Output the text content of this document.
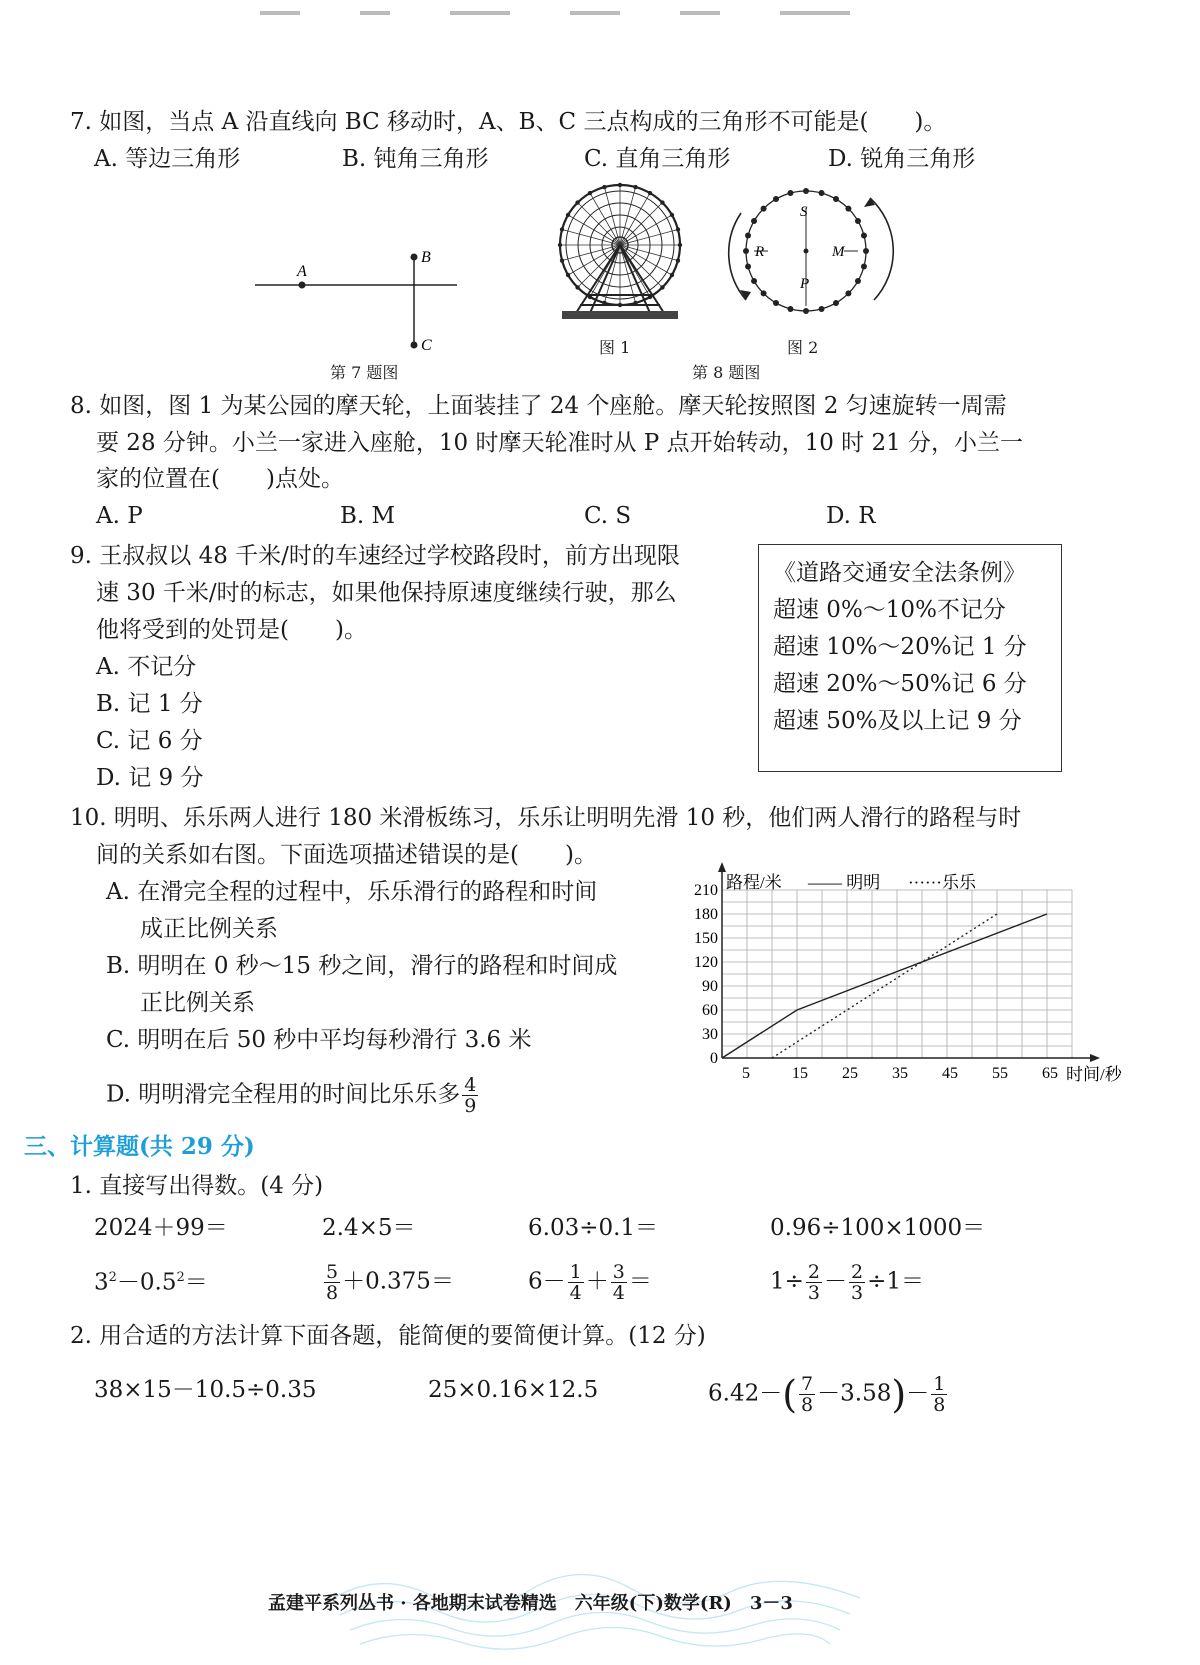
7. 如图，当点 A 沿直线向 BC 移动时，A、B、C 三点构成的三角形不可能是(　　)。
A. 等边三角形	B. 钝角三角形	C. 直角三角形	D. 锐角三角形
A
B
C
第 7 题图
图 1
S
R	M
P
图 2
第 8 题图
8. 如图，图 1 为某公园的摩天轮，上面装挂了 24 个座舱。摩天轮按照图 2 匀速旋转一周需
要 28 分钟。小兰一家进入座舱，10 时摩天轮准时从 P 点开始转动，10 时 21 分，小兰一
家的位置在(　　)点处。
A. P	B. M	C. S	D. R
9. 王叔叔以 48 千米/时的车速经过学校路段时，前方出现限
速 30 千米/时的标志，如果他保持原速度继续行驶，那么
他将受到的处罚是(　　)。
A. 不记分
B. 记 1 分
C. 记 6 分
D. 记 9 分
《道路交通安全法条例》
超速 0%～10%不记分
超速 10%～20%记 1 分
超速 20%～50%记 6 分
超速 50%及以上记 9 分
10. 明明、乐乐两人进行 180 米滑板练习，乐乐让明明先滑 10 秒，他们两人滑行的路程与时
间的关系如右图。下面选项描述错误的是(　　)。
A. 在滑完全程的过程中，乐乐滑行的路程和时间
成正比例关系
B. 明明在 0 秒～15 秒之间，滑行的路程和时间成
正比例关系
C. 明明在后 50 秒中平均每秒滑行 3.6 米
D. 明明滑完全程用的时间比乐乐多 $\frac{4}{9}$
5	15 25 35 45 55 65
0
30
60
90
120
150
180
210 路程/米
时间/秒
—— 明明 ······乐乐
三、计算题(共 29 分)
1. 直接写出得数。(4 分)
2024＋99＝	2.4×5＝	6.03÷0.1＝	0.96÷100×1000＝
$3^2-0.5^2=$	$\frac{5}{8} +0.375=$	$6- \frac{1}{4} + \frac{3}{4}$ ＝	$1\div \frac{2}{3} - \frac{2}{3} \div 1=$
2. 用合适的方法计算下面各题，能简便的要简便计算。(12 分)
38×15－10.5÷0.35	25×0.16×12.5	$6.42-( \frac{7}{8} -3.58)- \frac{1}{8}$
孟建平系列丛书 · 各地期末试卷精选　六年级(下)数学(R)　3－3
